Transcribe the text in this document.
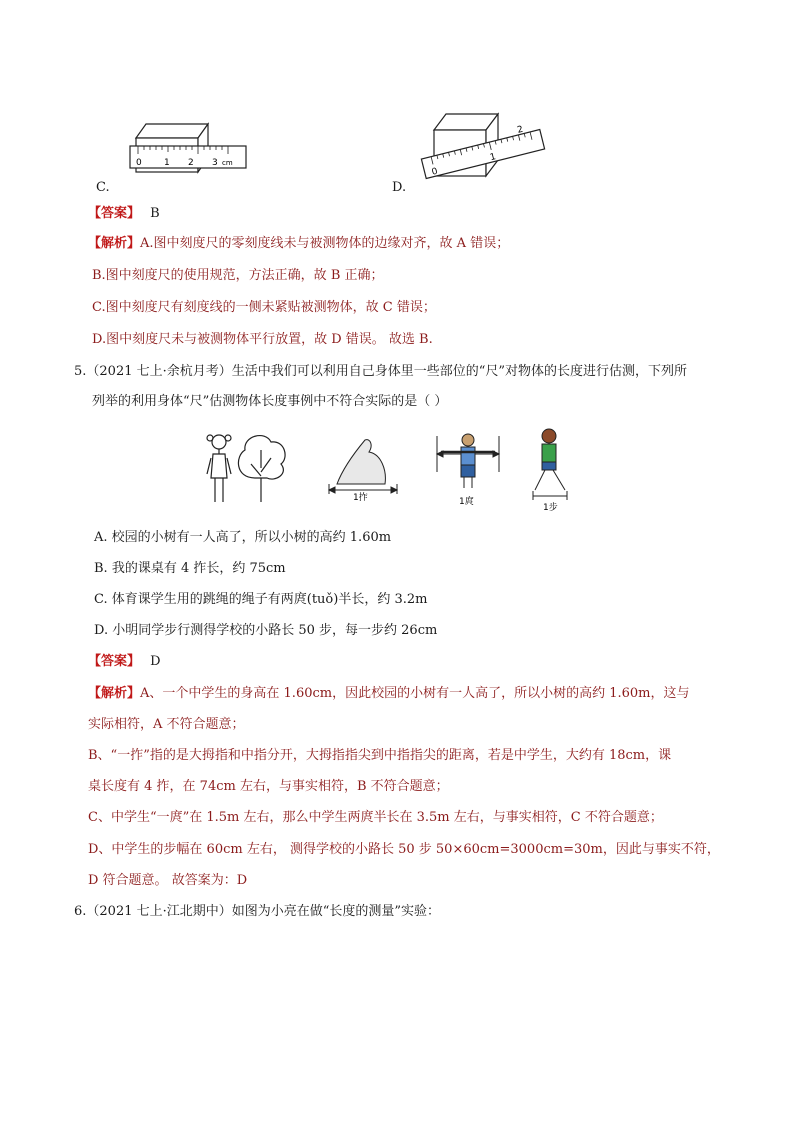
0 1 2 3 cm
C.
0
1
2
D.
【答案】 B
【解析】A.图中刻度尺的零刻度线未与被测物体的边缘对齐，故 A 错误；
B.图中刻度尺的使用规范，方法正确，故 B 正确；
C.图中刻度尺有刻度线的一侧未紧贴被测物体，故 C 错误；
D.图中刻度尺未与被测物体平行放置，故 D 错误。 故选 B.
5.（2021 七上·余杭月考）生活中我们可以利用自己身体里一些部位的“尺”对物体的长度进行估测，下列所
列举的利用身体“尺”估测物体长度事例中不符合实际的是（ ）
1拃	1庹
1步
A. 校园的小树有一人高了，所以小树的高约 1.60m
B. 我的课桌有 4 拃长，约 75cm
C. 体育课学生用的跳绳的绳子有两庹(tuǒ)半长，约 3.2m
D. 小明同学步行测得学校的小路长 50 步，每一步约 26cm
【答案】 D
【解析】A、一个中学生的身高在 1.60cm，因此校园的小树有一人高了，所以小树的高约 1.60m，这与
实际相符，A 不符合题意；
B、“一拃”指的是大拇指和中指分开，大拇指指尖到中指指尖的距离，若是中学生，大约有 18cm，课
桌长度有 4 拃，在 74cm 左右，与事实相符，B 不符合题意；
C、中学生“一庹”在 1.5m 左右，那么中学生两庹半长在 3.5m 左右，与事实相符，C 不符合题意；
D、中学生的步幅在 60cm 左右， 测得学校的小路长 50 步 50×60cm=3000cm=30m，因此与事实不符，
D 符合题意。 故答案为：D
6.（2021 七上·江北期中）如图为小亮在做“长度的测量”实验：
